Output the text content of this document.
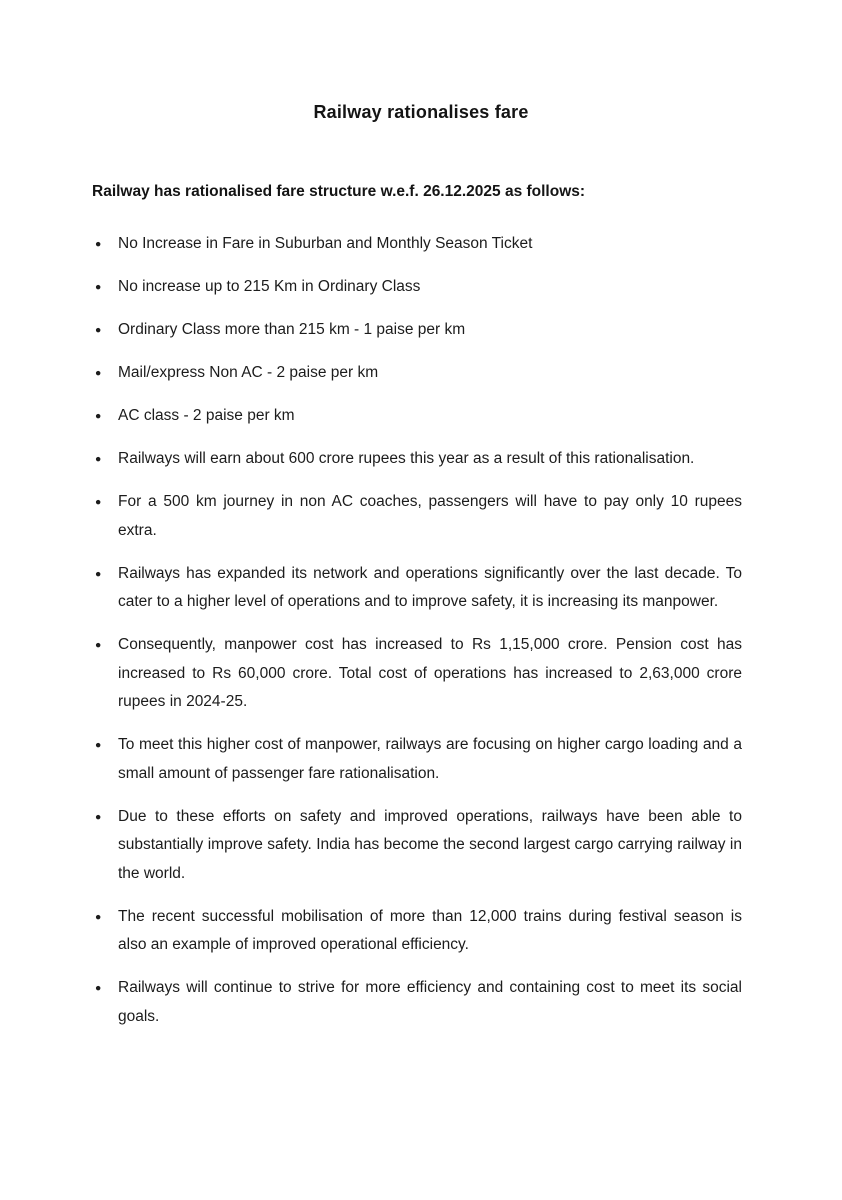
Railway rationalises fare

Railway has rationalised fare structure w.e.f. 26.12.2025 as follows:

● No Increase in Fare in Suburban and Monthly Season Ticket
● No increase up to 215 Km in Ordinary Class
● Ordinary Class more than 215 km - 1 paise per km
● Mail/express Non AC - 2 paise per km
● AC class - 2 paise per km
● Railways will earn about 600 crore rupees this year as a result of this rationalisation.
● For a 500 km journey in non AC coaches, passengers will have to pay only 10 rupees extra.
● Railways has expanded its network and operations significantly over the last decade. To cater to a higher level of operations and to improve safety, it is increasing its manpower.
● Consequently, manpower cost has increased to Rs 1,15,000 crore. Pension cost has increased to Rs 60,000 crore. Total cost of operations has increased to 2,63,000 crore rupees in 2024-25.
● To meet this higher cost of manpower, railways are focusing on higher cargo loading and a small amount of passenger fare rationalisation.
● Due to these efforts on safety and improved operations, railways have been able to substantially improve safety. India has become the second largest cargo carrying railway in the world.
● The recent successful mobilisation of more than 12,000 trains during festival season is also an example of improved operational efficiency.
● Railways will continue to strive for more efficiency and containing cost to meet its social goals.
